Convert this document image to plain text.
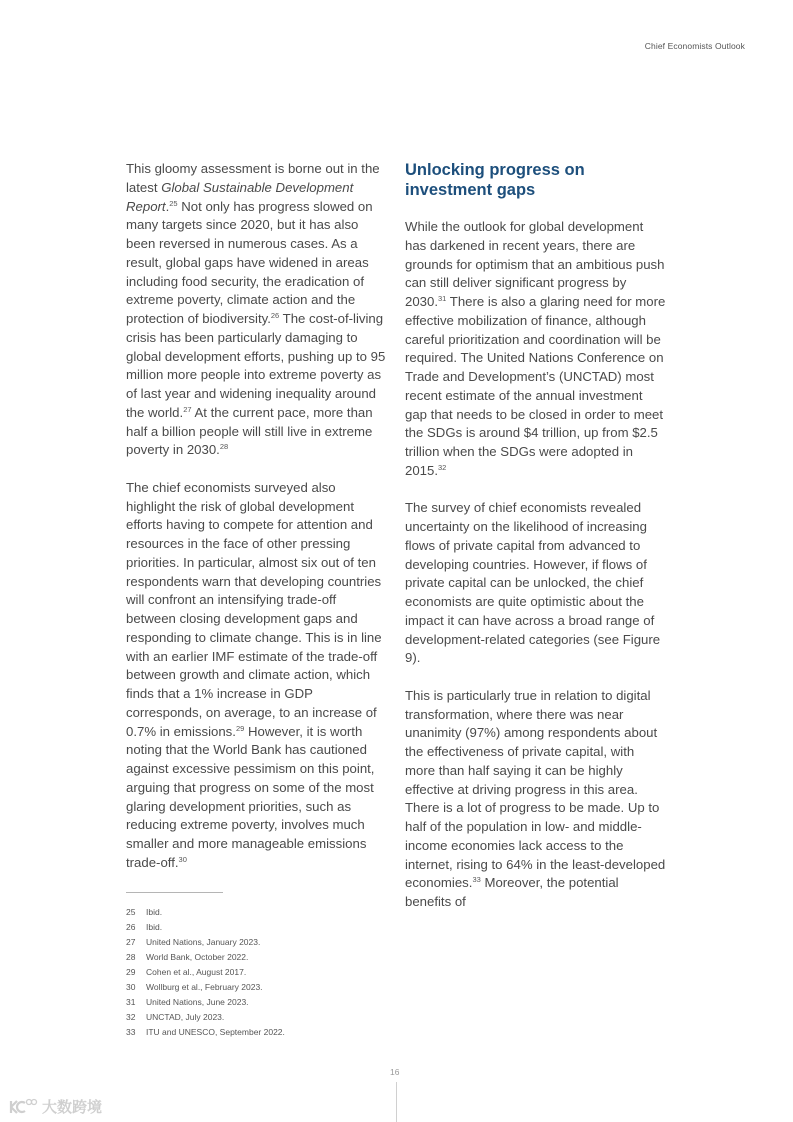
Chief Economists Outlook

This gloomy assessment is borne out in the latest Global Sustainable Development Report.$^{25}$ Not only has progress slowed on many targets since 2020, but it has also been reversed in numerous cases. As a result, global gaps have widened in areas including food security, the eradication of extreme poverty, climate action and the protection of biodiversity.$^{26}$ The cost-of-living crisis has been particularly damaging to global development efforts, pushing up to 95 million more people into extreme poverty as of last year and widening inequality around the world.$^{27}$ At the current pace, more than half a billion people will still live in extreme poverty in 2030.28

The chief economists surveyed also highlight the risk of global development efforts having to compete for attention and resources in the face of other pressing priorities. In particular, almost six out of ten respondents warn that developing countries will confront an intensifying trade-off between closing development gaps and responding to climate change. This is in line with an earlier IMF estimate of the trade-off between growth and climate action, which finds that a 1% increase in GDP corresponds, on average, to an increase of 0.7% in emissions.$^{29}$ However, it is worth noting that the World Bank has cautioned against excessive pessimism on this point, arguing that progress on some of the most glaring development priorities, such as reducing extreme poverty, involves much smaller and more manageable emissions trade-off.$^{30}$

Unlocking progress on investment gaps

While the outlook for global development has darkened in recent years, there are grounds for optimism that an ambitious push can still deliver significant progress by 2030.31 There is also a glaring need for more effective mobilization of finance, although careful prioritization and coordination will be required. The United Nations Conference on Trade and Development’s (UNCTAD) most recent estimate of the annual investment gap that needs to be closed in order to meet the SDGs is around $4 trillion, up from $2.5 trillion when the SDGs were adopted in 2015.32

The survey of chief economists revealed uncertainty on the likelihood of increasing flows of private capital from advanced to developing countries. However, if flows of private capital can be unlocked, the chief economists are quite optimistic about the impact it can have across a broad range of development-related categories (see Figure 9).

This is particularly true in relation to digital transformation, where there was near unanimity (97%) among respondents about the effectiveness of private capital, with more than half saying it can be highly effective at driving progress in this area. There is a lot of progress to be made. Up to half of the population in low- and middle-income economies lack access to the internet, rising to 64% in the least-developed economies.$^{33}$ Moreover, the potential benefits of

25	Ibid.
26	Ibid.
27	United Nations, January 2023.
28	World Bank, October 2022.
29	Cohen et al., August 2017.
30	Wollburg et al., February 2023.
31	United Nations, June 2023.
32	UNCTAD, July 2023.
33	ITU and UNESCO, September 2022.
16
大数跨境
